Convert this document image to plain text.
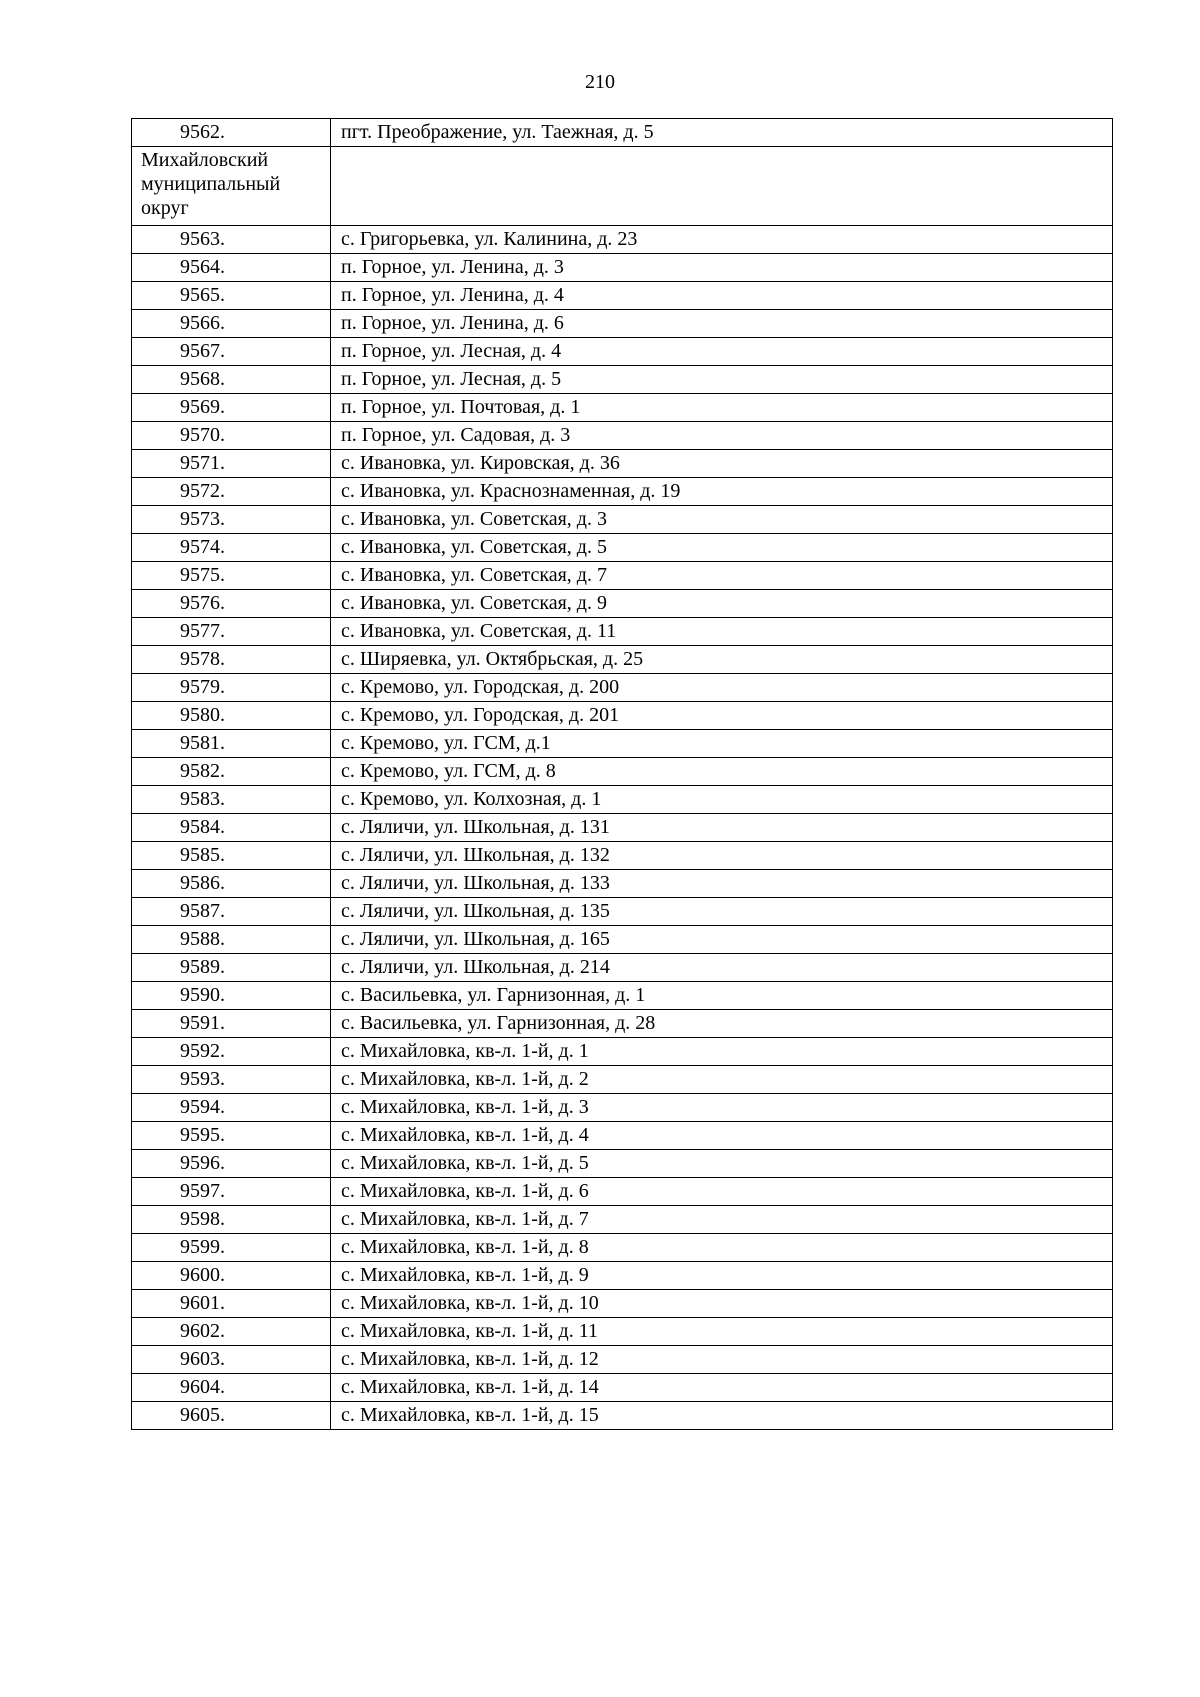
210
9562.	пгт. Преображение, ул. Таежная, д. 5
Михайловский муниципальный округ	
9563.	с. Григорьевка, ул. Калинина, д. 23
9564.	п. Горное, ул. Ленина, д. 3
9565.	п. Горное, ул. Ленина, д. 4
9566.	п. Горное, ул. Ленина, д. 6
9567.	п. Горное, ул. Лесная, д. 4
9568.	п. Горное, ул. Лесная, д. 5
9569.	п. Горное, ул. Почтовая, д. 1
9570.	п. Горное, ул. Садовая, д. 3
9571.	с. Ивановка, ул. Кировская, д. 36
9572.	с. Ивановка, ул. Краснознаменная, д. 19
9573.	с. Ивановка, ул. Советская, д. 3
9574.	с. Ивановка, ул. Советская, д. 5
9575.	с. Ивановка, ул. Советская, д. 7
9576.	с. Ивановка, ул. Советская, д. 9
9577.	с. Ивановка, ул. Советская, д. 11
9578.	с. Ширяевка, ул. Октябрьская, д. 25
9579.	с. Кремово, ул. Городская, д. 200
9580.	с. Кремово, ул. Городская, д. 201
9581.	с. Кремово, ул. ГСМ, д.1
9582.	с. Кремово, ул. ГСМ, д. 8
9583.	с. Кремово, ул. Колхозная, д. 1
9584.	с. Ляличи, ул. Школьная, д. 131
9585.	с. Ляличи, ул. Школьная, д. 132
9586.	с. Ляличи, ул. Школьная, д. 133
9587.	с. Ляличи, ул. Школьная, д. 135
9588.	с. Ляличи, ул. Школьная, д. 165
9589.	с. Ляличи, ул. Школьная, д. 214
9590.	с. Васильевка, ул. Гарнизонная, д. 1
9591.	с. Васильевка, ул. Гарнизонная, д. 28
9592.	с. Михайловка, кв-л. 1-й, д. 1
9593.	с. Михайловка, кв-л. 1-й, д. 2
9594.	с. Михайловка, кв-л. 1-й, д. 3
9595.	с. Михайловка, кв-л. 1-й, д. 4
9596.	с. Михайловка, кв-л. 1-й, д. 5
9597.	с. Михайловка, кв-л. 1-й, д. 6
9598.	с. Михайловка, кв-л. 1-й, д. 7
9599.	с. Михайловка, кв-л. 1-й, д. 8
9600.	с. Михайловка, кв-л. 1-й, д. 9
9601.	с. Михайловка, кв-л. 1-й, д. 10
9602.	с. Михайловка, кв-л. 1-й, д. 11
9603.	с. Михайловка, кв-л. 1-й, д. 12
9604.	с. Михайловка, кв-л. 1-й, д. 14
9605.	с. Михайловка, кв-л. 1-й, д. 15
